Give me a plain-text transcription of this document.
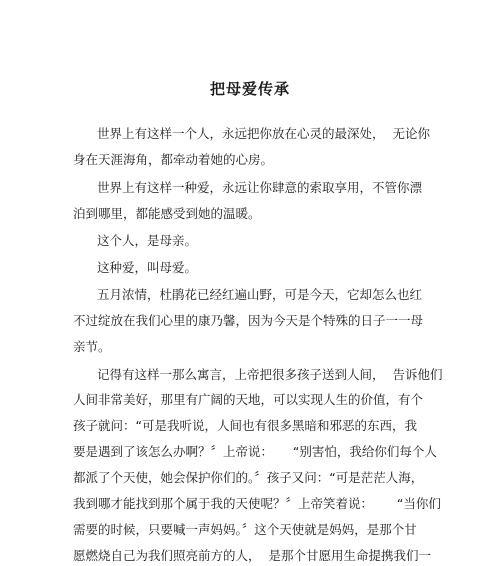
把母爱传承
世界上有这样一个人，永远把你放在心灵的最深处，  无论你
身在天涯海角，都牵动着她的心房。
世界上有这样一种爱，永远让你肆意的索取享用，不管你漂
泊到哪里，都能感受到她的温暖。
这个人，是母亲。
这种爱，叫母爱。
五月浓情，杜鹃花已经红遍山野，可是今天，它却怎么也红
不过绽放在我们心里的康乃馨，因为今天是个特殊的日子一一母
亲节。
记得有这样一那么寓言，上帝把很多孩子送到人间，  告诉他们
人间非常美好，那里有广阔的天地，可以实现人生的价值，有个
孩子就问：“可是我听说，人间也有很多黑暗和邪恶的东西，我
要是遇到了该怎么办啊？〞上帝说：     “别害怕，我给你们每个人
都派了个天使，她会保护你们的。〞孩子又问：“可是茫茫人海，
我到哪才能找到那个属于我的天使呢？〞上帝笑着说：      “当你们
需要的时候，只要喊一声妈妈。〞这个天使就是妈妈，是那个甘
愿燃烧自己为我们照亮前方的人，  是那个甘愿用生命提携我们一
